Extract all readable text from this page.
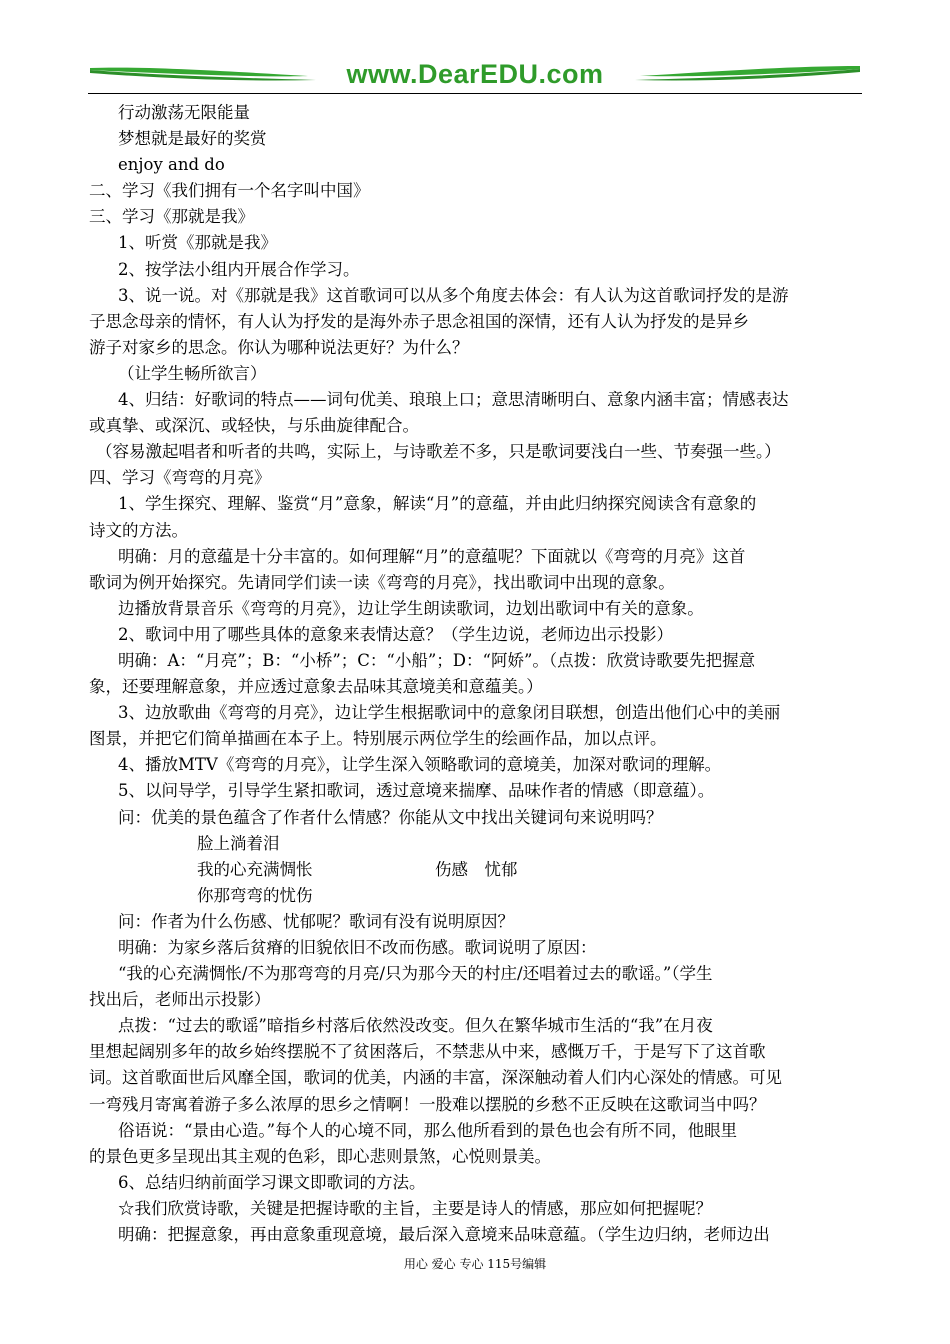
www.DearEDU.com
行动激荡无限能量
梦想就是最好的奖赏
enjoy and do
二、学习《我们拥有一个名字叫中国》
三、学习《那就是我》
1、听赏《那就是我》
2、按学法小组内开展合作学习。
3、说一说。对《那就是我》这首歌词可以从多个角度去体会：有人认为这首歌词抒发的是游
子思念母亲的情怀，有人认为抒发的是海外赤子思念祖国的深情，还有人认为抒发的是异乡
游子对家乡的思念。你认为哪种说法更好？为什么？
（让学生畅所欲言）
4、归结：好歌词的特点——词句优美、琅琅上口；意思清晰明白、意象内涵丰富；情感表达
或真挚、或深沉、或轻快，与乐曲旋律配合。
（容易激起唱者和听者的共鸣，实际上，与诗歌差不多，只是歌词要浅白一些、节奏强一些。）
四、学习《弯弯的月亮》
1、学生探究、理解、鉴赏“月”意象，解读“月”的意蕴，并由此归纳探究阅读含有意象的
诗文的方法。
明确：月的意蕴是十分丰富的。如何理解“月”的意蕴呢？下面就以《弯弯的月亮》这首
歌词为例开始探究。先请同学们读一读《弯弯的月亮》，找出歌词中出现的意象。
边播放背景音乐《弯弯的月亮》，边让学生朗读歌词，边划出歌词中有关的意象。
2、歌词中用了哪些具体的意象来表情达意？（学生边说，老师边出示投影）
明确：A：“月亮”；B：“小桥”；C：“小船”；D：“阿娇”。（点拨：欣赏诗歌要先把握意
象，还要理解意象，并应透过意象去品味其意境美和意蕴美。）
3、边放歌曲《弯弯的月亮》，边让学生根据歌词中的意象闭目联想，创造出他们心中的美丽
图景，并把它们简单描画在本子上。特别展示两位学生的绘画作品，加以点评。
4、播放MTV《弯弯的月亮》，让学生深入领略歌词的意境美，加深对歌词的理解。
5、以问导学，引导学生紧扣歌词，透过意境来揣摩、品味作者的情感（即意蕴）。
问：优美的景色蕴含了作者什么情感？你能从文中找出关键词句来说明吗？
脸上淌着泪
我的心充满惆怅	伤感　忧郁
你那弯弯的忧伤
问：作者为什么伤感、忧郁呢？歌词有没有说明原因？
明确：为家乡落后贫瘠的旧貌依旧不改而伤感。歌词说明了原因：
“我的心充满惆怅/不为那弯弯的月亮/只为那今天的村庄/还唱着过去的歌谣。”（学生
找出后，老师出示投影）
点拨：“过去的歌谣”暗指乡村落后依然没改变。但久在繁华城市生活的“我”在月夜
里想起阔别多年的故乡始终摆脱不了贫困落后，不禁悲从中来，感慨万千，于是写下了这首歌
词。这首歌面世后风靡全国，歌词的优美，内涵的丰富，深深触动着人们内心深处的情感。可见
一弯残月寄寓着游子多么浓厚的思乡之情啊！一股难以摆脱的乡愁不正反映在这歌词当中吗？
俗语说：“景由心造。”每个人的心境不同，那么他所看到的景色也会有所不同，他眼里
的景色更多呈现出其主观的色彩，即心悲则景煞，心悦则景美。
6、总结归纳前面学习课文即歌词的方法。
☆我们欣赏诗歌，关键是把握诗歌的主旨，主要是诗人的情感，那应如何把握呢？
明确：把握意象，再由意象重现意境，最后深入意境来品味意蕴。（学生边归纳，老师边出
用心 爱心 专心 115号编辑
